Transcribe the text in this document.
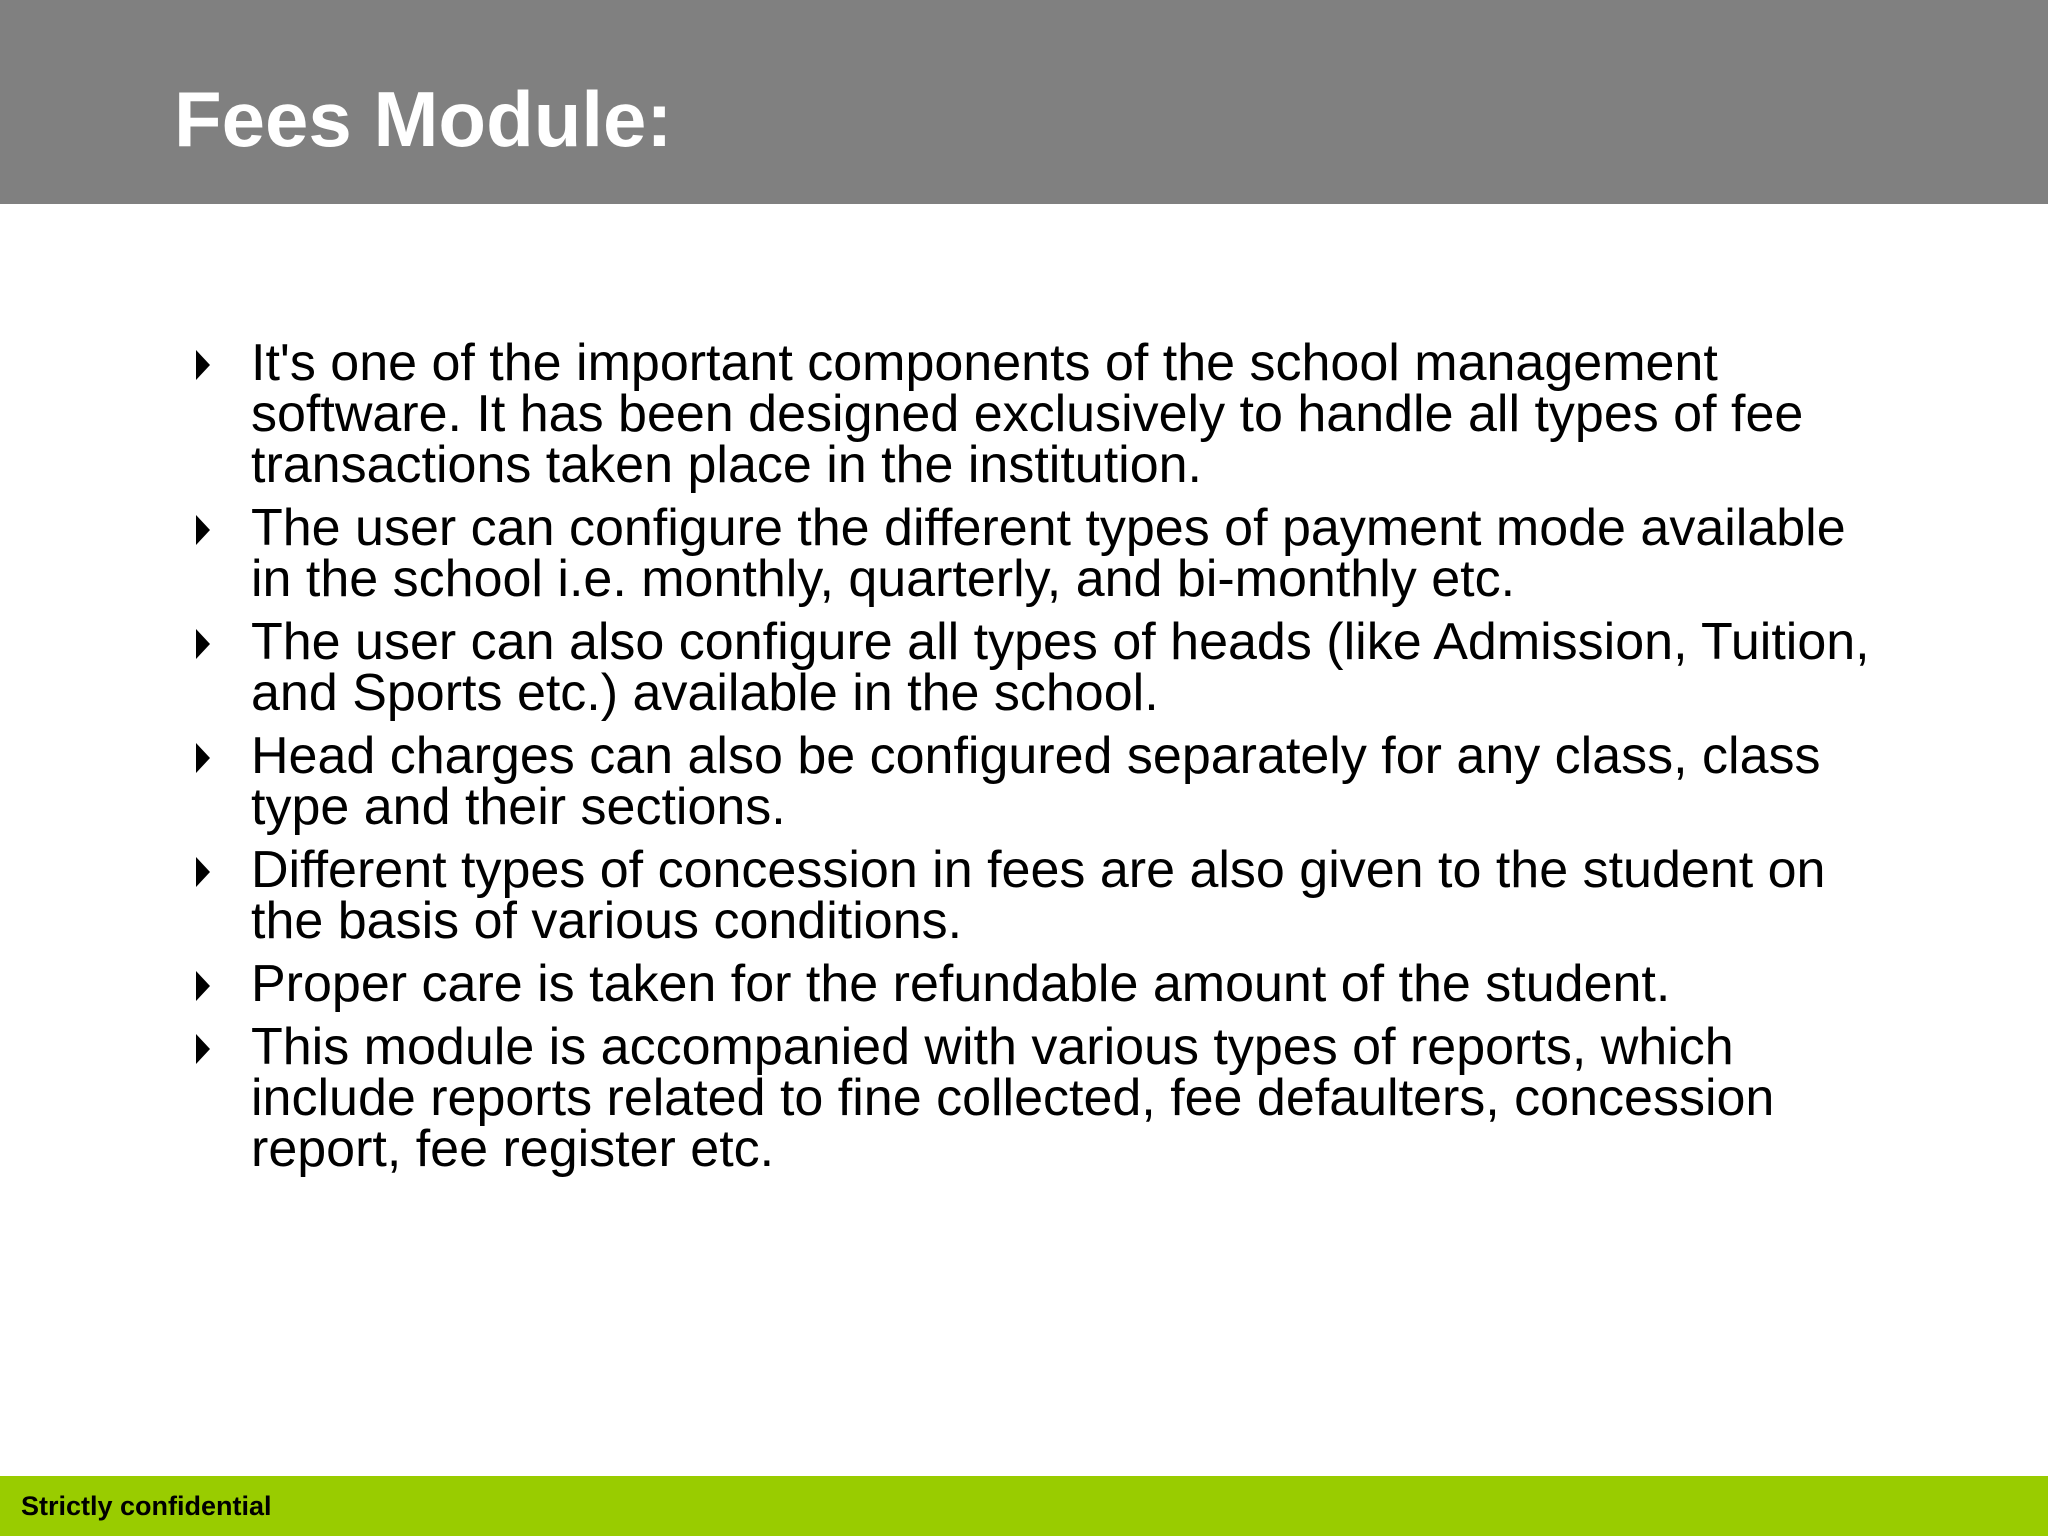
Fees Module:
It's one of the important components of the school management software. It has been designed exclusively to handle all types of fee transactions taken place in the institution.
The user can configure the different types of payment mode available in the school i.e. monthly, quarterly, and bi-monthly etc.
The user can also configure all types of heads (like Admission, Tuition, and Sports etc.) available in the school.
Head charges can also be configured separately for any class, class type and their sections.
Different types of concession in fees are also given to the student on the basis of various conditions.
Proper care is taken for the refundable amount of the student.
This module is accompanied with various types of reports, which include reports related to fine collected, fee defaulters, concession report, fee register etc.
Strictly confidential
